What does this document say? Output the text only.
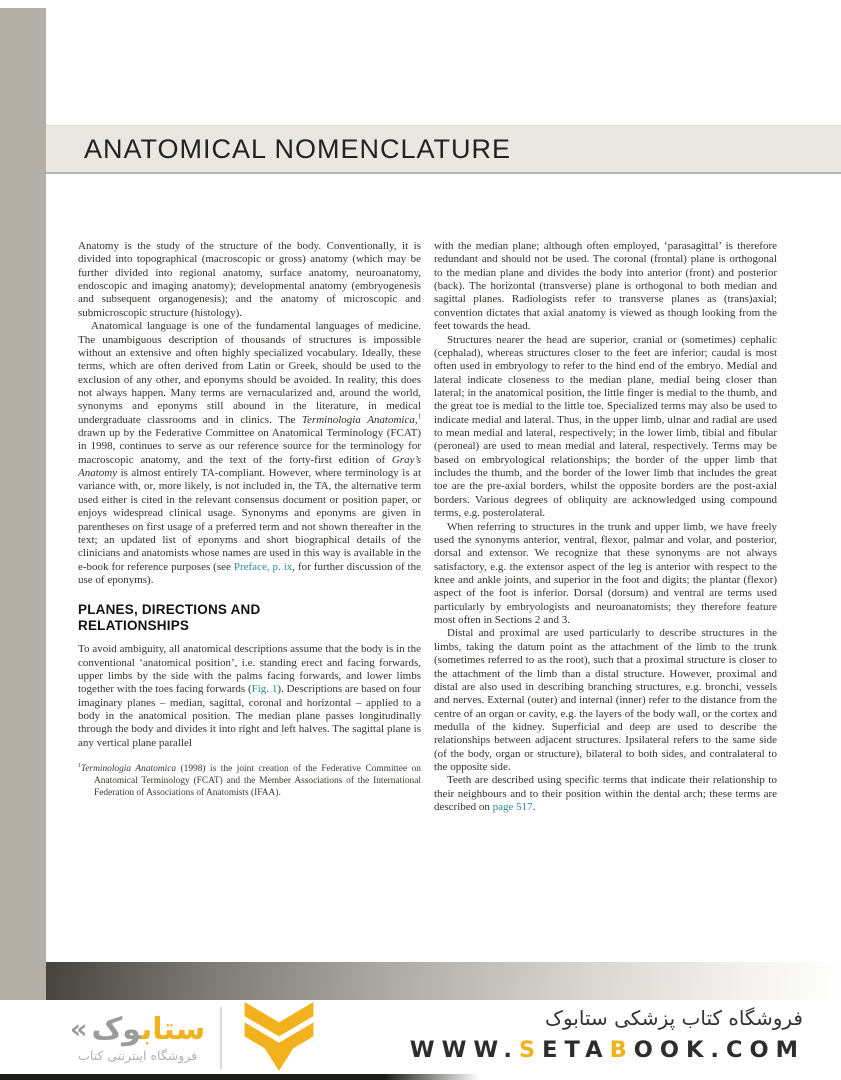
ANATOMICAL NOMENCLATURE

Anatomy is the study of the structure of the body. Conventionally, it is divided into topographical (macroscopic or gross) anatomy (which may be further divided into regional anatomy, surface anatomy, neuroanatomy, endoscopic and imaging anatomy); developmental anatomy (embryogenesis and subsequent organogenesis); and the anatomy of microscopic and submicroscopic structure (histology).

Anatomical language is one of the fundamental languages of medicine. The unambiguous description of thousands of structures is impossible without an extensive and often highly specialized vocabulary. Ideally, these terms, which are often derived from Latin or Greek, should be used to the exclusion of any other, and eponyms should be avoided. In reality, this does not always happen. Many terms are vernacularized and, around the world, synonyms and eponyms still abound in the literature, in medical undergraduate classrooms and in clinics. The Terminologia Anatomica,$^1$ drawn up by the Federative Committee on Anatomical Terminology (FCAT) in 1998, continues to serve as our reference source for the terminology for macroscopic anatomy, and the text of the forty-first edition of Gray’s Anatomy is almost entirely TA-compliant. However, where terminology is at variance with, or, more likely, is not included in, the TA, the alternative term used either is cited in the relevant consensus document or position paper, or enjoys widespread clinical usage. Synonyms and eponyms are given in parentheses on first usage of a preferred term and not shown thereafter in the text; an updated list of eponyms and short biographical details of the clinicians and anatomists whose names are used in this way is available in the e-book for reference purposes (see Preface, p. ix, for further discussion of the use of eponyms).

PLANES, DIRECTIONS AND RELATIONSHIPS

To avoid ambiguity, all anatomical descriptions assume that the body is in the conventional ‘anatomical position’, i.e. standing erect and facing forwards, upper limbs by the side with the palms facing forwards, and lower limbs together with the toes facing forwards (Fig. 1). Descriptions are based on four imaginary planes – median, sagittal, coronal and horizontal – applied to a body in the anatomical position. The median plane passes longitudinally through the body and divides it into right and left halves. The sagittal plane is any vertical plane parallel

$^1$Terminologia Anatomica (1998) is the joint creation of the Federative Committee on Anatomical Terminology (FCAT) and the Member Associations of the International Federation of Associations of Anatomists (IFAA).

with the median plane; although often employed, ‘parasagittal’ is therefore redundant and should not be used. The coronal (frontal) plane is orthogonal to the median plane and divides the body into anterior (front) and posterior (back). The horizontal (transverse) plane is orthogonal to both median and sagittal planes. Radiologists refer to transverse planes as (trans)axial; convention dictates that axial anatomy is viewed as though looking from the feet towards the head.

Structures nearer the head are superior, cranial or (sometimes) cephalic (cephalad), whereas structures closer to the feet are inferior; caudal is most often used in embryology to refer to the hind end of the embryo. Medial and lateral indicate closeness to the median plane, medial being closer than lateral; in the anatomical position, the little finger is medial to the thumb, and the great toe is medial to the little toe. Specialized terms may also be used to indicate medial and lateral. Thus, in the upper limb, ulnar and radial are used to mean medial and lateral, respectively; in the lower limb, tibial and fibular (peroneal) are used to mean medial and lateral, respectively. Terms may be based on embryological relationships; the border of the upper limb that includes the thumb, and the border of the lower limb that includes the great toe are the pre-axial borders, whilst the opposite borders are the post-axial borders. Various degrees of obliquity are acknowledged using compound terms, e.g. posterolateral.

When referring to structures in the trunk and upper limb, we have freely used the synonyms anterior, ventral, flexor, palmar and volar, and posterior, dorsal and extensor. We recognize that these synonyms are not always satisfactory, e.g. the extensor aspect of the leg is anterior with respect to the knee and ankle joints, and superior in the foot and digits; the plantar (flexor) aspect of the foot is inferior. Dorsal (dorsum) and ventral are terms used particularly by embryologists and neuroanatomists; they therefore feature most often in Sections 2 and 3.

Distal and proximal are used particularly to describe structures in the limbs, taking the datum point as the attachment of the limb to the trunk (sometimes referred to as the root), such that a proximal structure is closer to the attachment of the limb than a distal structure. However, proximal and distal are also used in describing branching structures, e.g. bronchi, vessels and nerves. External (outer) and internal (inner) refer to the distance from the centre of an organ or cavity, e.g. the layers of the body wall, or the cortex and medulla of the kidney. Superficial and deep are used to describe the relationships between adjacent structures. Ipsilateral refers to the same side (of the body, organ or structure), bilateral to both sides, and contralateral to the opposite side.

Teeth are described using specific terms that indicate their relationship to their neighbours and to their position within the dental arch; these terms are described on page 517.

«	ستابوک
فروشگاه اینترنتی کتاب
فروشگاه کتاب پزشکی ستابوک
WWW.SETABOOK.COM
